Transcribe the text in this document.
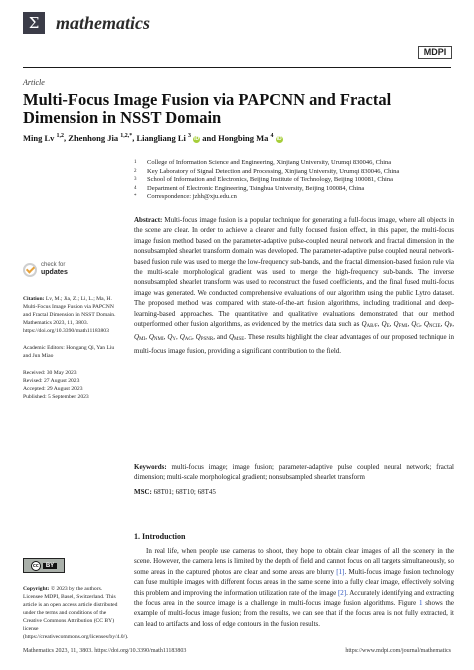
Σ mathematics
MDPI
Article
Multi-Focus Image Fusion via PAPCNN and Fractal Dimension in NSST Domain
Ming Lv $^{1,2}$, Zhenhong Jia $^{1,2,*}$, Liangliang Li $^3$ iD and Hongbing Ma $^4$ iD
1	College of Information Science and Engineering, Xinjiang University, Urumqi 830046, China
2	Key Laboratory of Signal Detection and Processing, Xinjiang University, Urumqi 830046, China
3	School of Information and Electronics, Beijing Institute of Technology, Beijing 100081, China
4	Department of Electronic Engineering, Tsinghua University, Beijing 100084, China
*	Correspondence: jzhh@xju.edu.cn
Abstract: Multi-focus image fusion is a popular technique for generating a full-focus image, where all objects in the scene are clear. In order to achieve a clearer and fully focused fusion effect, in this paper, the multi-focus image fusion method based on the parameter-adaptive pulse-coupled neural network and fractal dimension in the nonsubsampled shearlet transform domain was developed. The parameter-adaptive pulse coupled neural network-based fusion rule was used to merge the low-frequency sub-bands, and the fractal dimension-based fusion rule via the multi-scale morphological gradient was used to merge the high-frequency sub-bands. The inverse nonsubsampled shearlet transform was used to reconstruct the fused coefficients, and the final fused multi-focus image was generated. We conducted comprehensive evaluations of our algorithm using the public Lytro dataset. The proposed method was compared with state-of-the-art fusion algorithms, including traditional and deep-learning-based approaches. The quantitative and qualitative evaluations demonstrated that our method outperformed other fusion algorithms, as evidenced by the metrics data such as $Q_{AB/F}$, $Q_E$, $Q_{FMI}$, $Q_G$, $Q_{NCIE}$, $Q_P$, $Q_{MI}$, $Q_{NMI}$, $Q_Y$, $Q_{AG}$, $Q_{PSNR}$, and $Q_{MSE}$. These results highlight the clear advantages of our proposed technique in multi-focus image fusion, providing a significant contribution to the field.
Keywords: multi-focus image; image fusion; parameter-adaptive pulse coupled neural network; fractal dimension; multi-scale morphological gradient; nonsubsampled shearlet transform
MSC: 68T01; 68T10; 68T45
1. Introduction

In real life, when people use cameras to shoot, they hope to obtain clear images of all the scenery in the scene. However, the camera lens is limited by the depth of field and cannot focus on all targets simultaneously, so some areas in the captured photos are clear and some areas are blurry [1]. Multi-focus image fusion technology can fuse multiple images with different focus areas in the same scene into a fully clear image, effectively solving this problem and improving the information utilization rate of the image [2]. Accurately identifying and extracting the focus area in the source image is a challenge in multi-focus image fusion algorithms. Figure 1 shows the example of multi-focus image fusion; from the results, we can see that if the focus area is not fully extracted, it can lead to artifacts and loss of edge contours in the fusion results.

check for
updates
Citation: Lv, M.; Jia, Z.; Li, L.; Ma, H. Multi-Focus Image Fusion via PAPCNN and Fractal Dimension in NSST Domain. Mathematics 2023, 11, 3803. https://doi.org/10.3390/math11183803
Academic Editors: Hongang Qi, Yan Liu and Jun Miao
Received: 30 May 2023
Revised: 27 August 2023
Accepted: 29 August 2023
Published: 5 September 2023
cc	BY
Copyright: © 2023 by the authors. Licensee MDPI, Basel, Switzerland. This article is an open access article distributed under the terms and conditions of the Creative Commons Attribution (CC BY) license (https://creativecommons.org/licenses/by/4.0/).
Mathematics 2023, 11, 3803. https://doi.org/10.3390/math11183803	https://www.mdpi.com/journal/mathematics
